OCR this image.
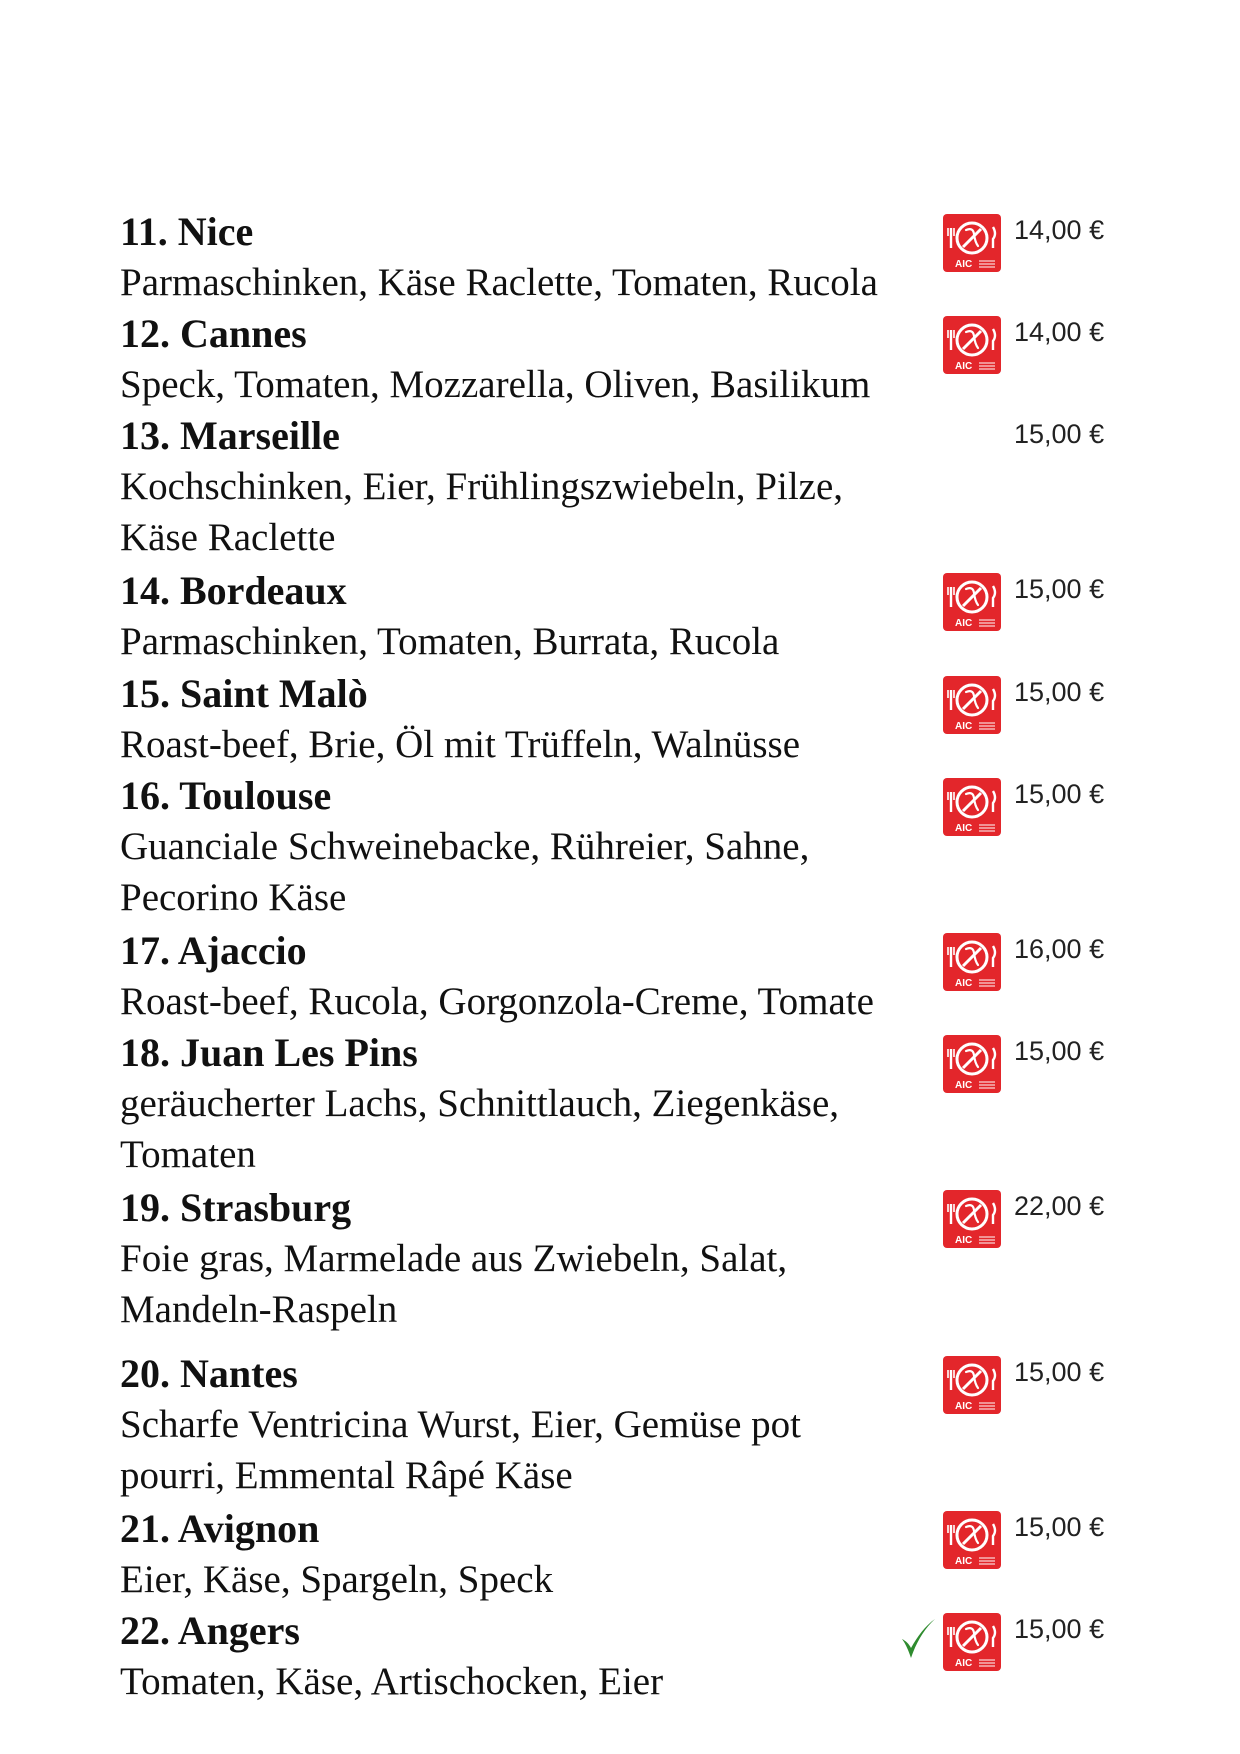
11. Nice
Parmaschinken, Käse Raclette, Tomaten, Rucola	AIC
14,00 €
12. Cannes
Speck, Tomaten, Mozzarella, Oliven, Basilikum	AIC
14,00 €
13. Marseille
Kochschinken, Eier, Frühlingszwiebeln, Pilze,
Käse Raclette
15,00 €
14. Bordeaux
Parmaschinken, Tomaten, Burrata, Rucola	AIC
15,00 €
15. Saint Malò
Roast-beef, Brie, Öl mit Trüffeln, Walnüsse	AIC
15,00 €
16. Toulouse
Guanciale Schweinebacke, Rühreier, Sahne,
Pecorino Käse
AIC
15,00 €
17. Ajaccio
Roast-beef, Rucola, Gorgonzola-Creme, Tomate	AIC
16,00 €
18. Juan Les Pins
geräucherter Lachs, Schnittlauch, Ziegenkäse,
Tomaten
AIC
15,00 €
19. Strasburg
Foie gras, Marmelade aus Zwiebeln, Salat,
Mandeln-Raspeln
AIC
22,00 €
20. Nantes
Scharfe Ventricina Wurst, Eier, Gemüse pot
pourri, Emmental Râpé Käse
AIC
15,00 €
21. Avignon
Eier, Käse, Spargeln, Speck	AIC
15,00 €
22. Angers
Tomaten, Käse, Artischocken, Eier	AIC
15,00 €
